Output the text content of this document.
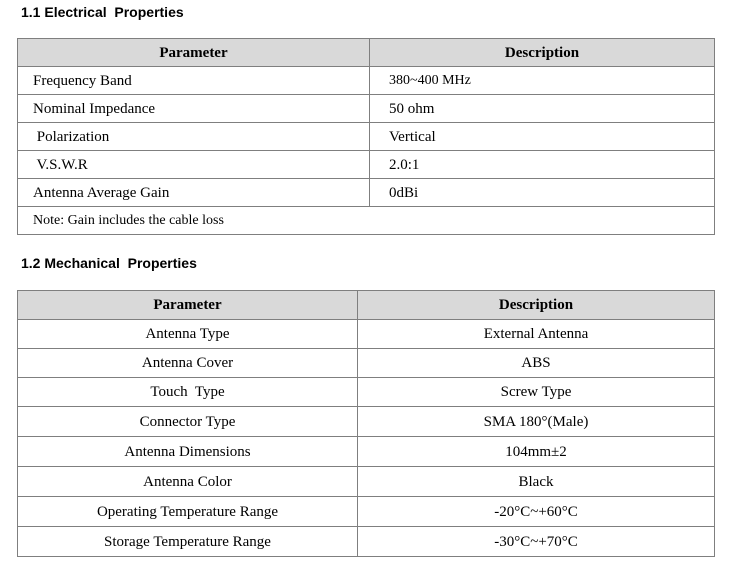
1.1 Electrical  Properties
Parameter	Description
Frequency Band	380~400 MHz
Nominal Impedance	50 ohm
Polarization	Vertical
V.S.W.R	2.0:1
Antenna Average Gain	0dBi
Note: Gain includes the cable loss	
1.2 Mechanical  Properties
Parameter	Description
Antenna Type	External Antenna
Antenna Cover	ABS
Touch  Type	Screw Type
Connector Type	SMA 180°(Male)
Antenna Dimensions	104mm±2
Antenna Color	Black
Operating Temperature Range	-20°C~+60°C
Storage Temperature Range	-30°C~+70°C
